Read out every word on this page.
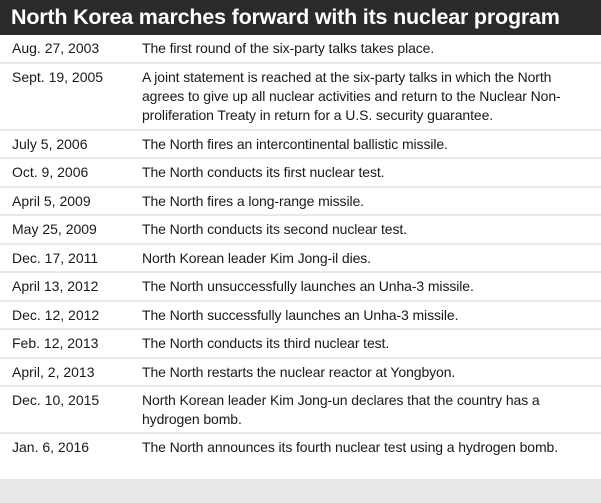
North Korea marches forward with its nuclear program
Aug. 27, 2003	The first round of the six-party talks takes place.
Sept. 19, 2005	A joint statement is reached at the six-party talks in which the North agrees to give up all nuclear activities and return to the Nuclear Non-proliferation Treaty in return for a U.S. security guarantee.
July 5, 2006	The North fires an intercontinental ballistic missile.
Oct. 9, 2006	The North conducts its first nuclear test.
April 5, 2009	The North fires a long-range missile.
May 25, 2009	The North conducts its second nuclear test.
Dec. 17, 2011	North Korean leader Kim Jong-il dies.
April 13, 2012	The North unsuccessfully launches an Unha-3 missile.
Dec. 12, 2012	The North successfully launches an Unha-3 missile.
Feb. 12, 2013	The North conducts its third nuclear test.
April, 2, 2013	The North restarts the nuclear reactor at Yongbyon.
Dec. 10, 2015	North Korean leader Kim Jong-un declares that the country has a hydrogen bomb.
Jan. 6, 2016	The North announces its fourth nuclear test using a hydrogen bomb.
